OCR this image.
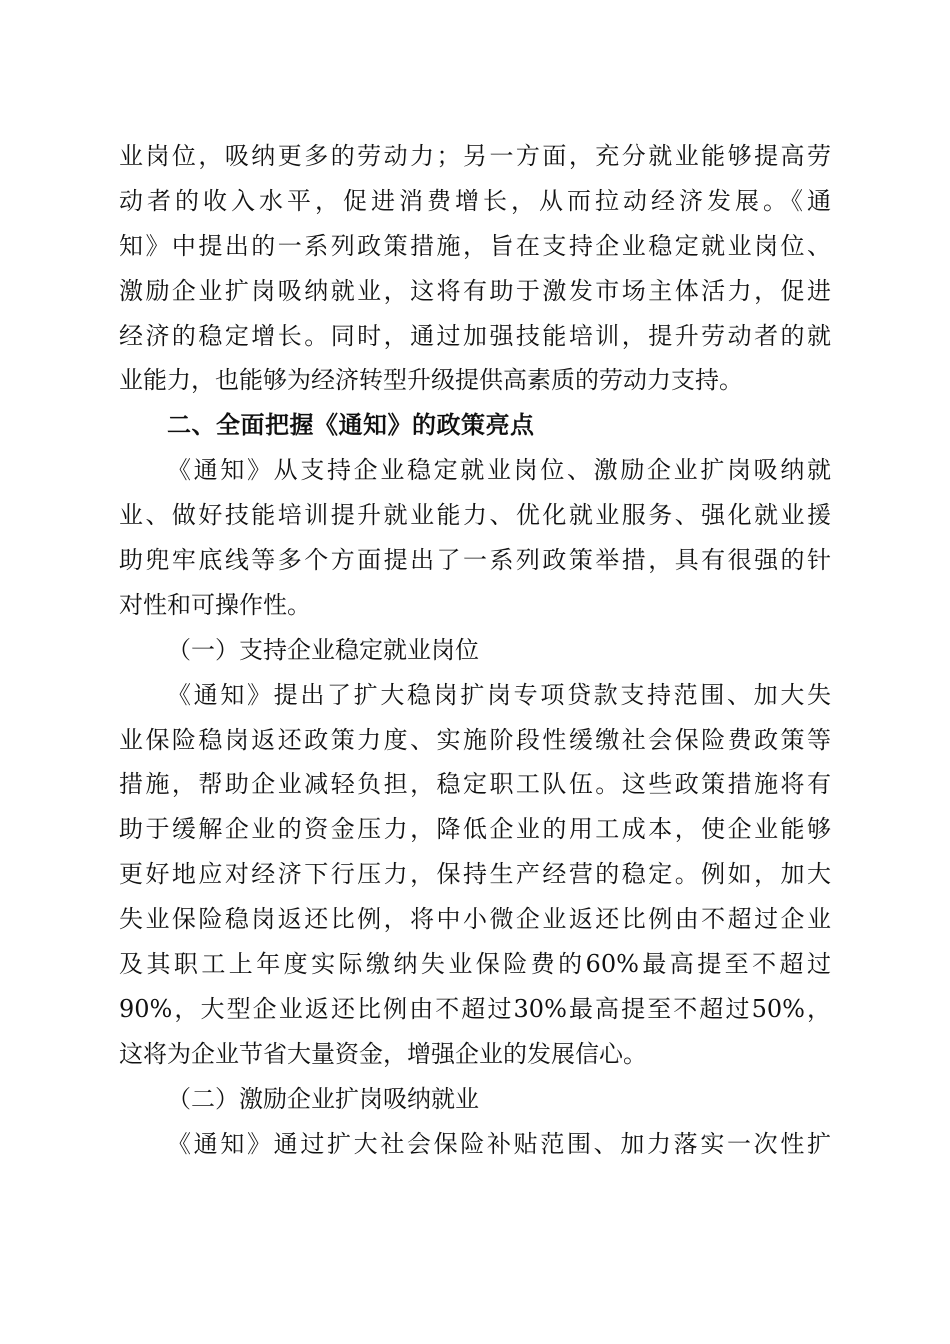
业岗位，吸纳更多的劳动力；另一方面，充分就业能够提高劳
动者的收入水平，促进消费增长，从而拉动经济发展。《通
知》中提出的一系列政策措施，旨在支持企业稳定就业岗位、
激励企业扩岗吸纳就业，这将有助于激发市场主体活力，促进
经济的稳定增长。同时，通过加强技能培训，提升劳动者的就
业能力，也能够为经济转型升级提供高素质的劳动力支持。
二、全面把握《通知》的政策亮点
《通知》从支持企业稳定就业岗位、激励企业扩岗吸纳就
业、做好技能培训提升就业能力、优化就业服务、强化就业援
助兜牢底线等多个方面提出了一系列政策举措，具有很强的针
对性和可操作性。
（一）支持企业稳定就业岗位
《通知》提出了扩大稳岗扩岗专项贷款支持范围、加大失
业保险稳岗返还政策力度、实施阶段性缓缴社会保险费政策等
措施，帮助企业减轻负担，稳定职工队伍。这些政策措施将有
助于缓解企业的资金压力，降低企业的用工成本，使企业能够
更好地应对经济下行压力，保持生产经营的稳定。例如，加大
失业保险稳岗返还比例，将中小微企业返还比例由不超过企业
及其职工上年度实际缴纳失业保险费的60%最高提至不超过
90%，大型企业返还比例由不超过30%最高提至不超过50%，
这将为企业节省大量资金，增强企业的发展信心。
（二）激励企业扩岗吸纳就业
《通知》通过扩大社会保险补贴范围、加力落实一次性扩
